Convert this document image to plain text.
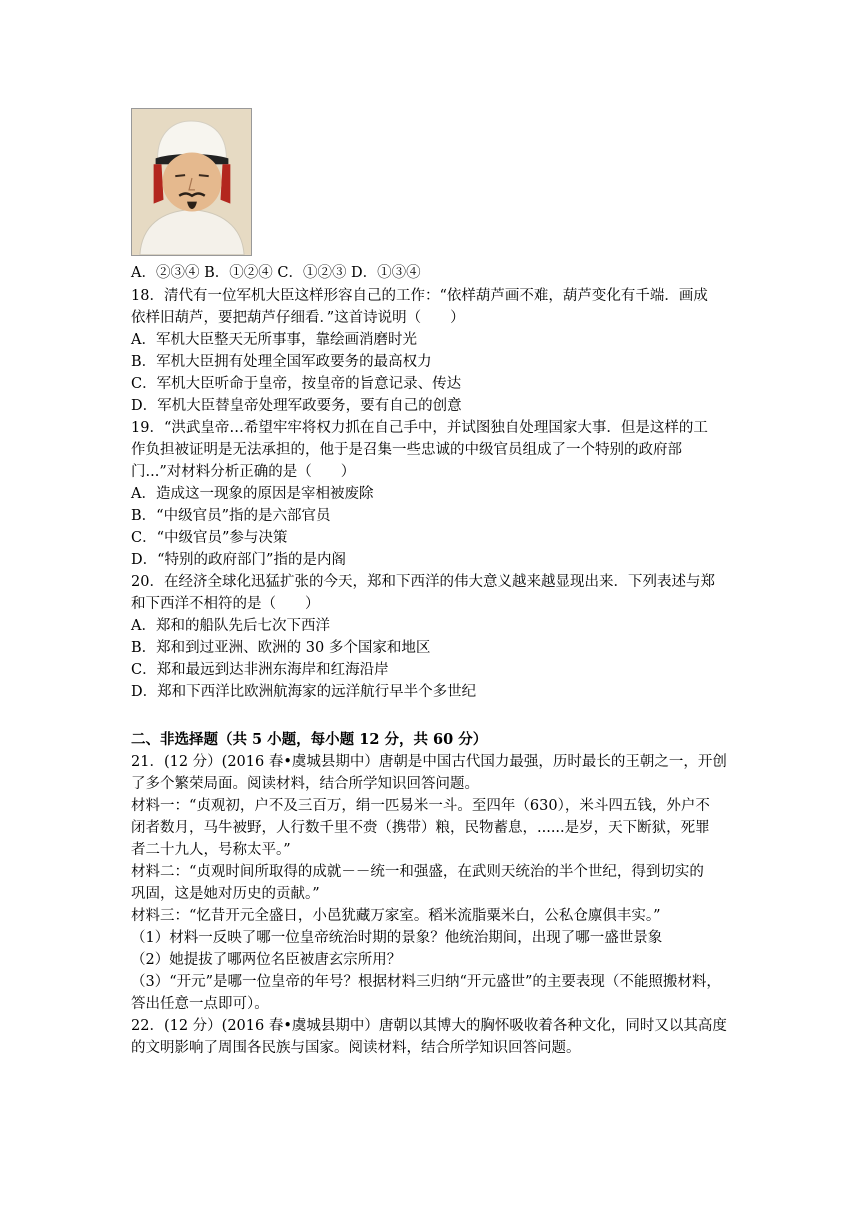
A．②③④ B．①②④ C．①②③ D．①③④
18．清代有一位军机大臣这样形容自己的工作：“依样葫芦画不难，葫芦变化有千端．画成
依样旧葫芦，要把葫芦仔细看．”这首诗说明（　　）
A．军机大臣整天无所事事，靠绘画消磨时光
B．军机大臣拥有处理全国军政要务的最高权力
C．军机大臣听命于皇帝，按皇帝的旨意记录、传达
D．军机大臣替皇帝处理军政要务，要有自己的创意
19．“洪武皇帝…希望牢牢将权力抓在自己手中，并试图独自处理国家大事．但是这样的工
作负担被证明是无法承担的，他于是召集一些忠诚的中级官员组成了一个特别的政府部
门...”对材料分析正确的是（　　）
A．造成这一现象的原因是宰相被废除
B．“中级官员”指的是六部官员
C．“中级官员”参与决策
D．“特别的政府部门”指的是内阁
20．在经济全球化迅猛扩张的今天，郑和下西洋的伟大意义越来越显现出来．下列表述与郑
和下西洋不相符的是（　　）
A．郑和的船队先后七次下西洋
B．郑和到过亚洲、欧洲的 30 多个国家和地区
C．郑和最远到达非洲东海岸和红海沿岸
D．郑和下西洋比欧洲航海家的远洋航行早半个多世纪
二、非选择题（共 5 小题，每小题 12 分，共 60 分）
21．(12 分）(2016 春•虞城县期中）唐朝是中国古代国力最强，历时最长的王朝之一，开创
了多个繁荣局面。阅读材料，结合所学知识回答问题。
材料一：“贞观初，户不及三百万，绢一匹易米一斗。至四年（630），米斗四五钱，外户不
闭者数月，马牛被野，人行数千里不赍（携带）粮，民物蓄息，......是岁，天下断狱，死罪
者二十九人，号称太平。”
材料二：“贞观时间所取得的成就－－统一和强盛，在武则天统治的半个世纪，得到切实的
巩固，这是她对历史的贡献。”
材料三：“忆昔开元全盛日，小邑犹藏万家室。稻米流脂粟米白，公私仓廪俱丰实。”
（1）材料一反映了哪一位皇帝统治时期的景象？他统治期间，出现了哪一盛世景象
（2）她提拔了哪两位名臣被唐玄宗所用？
（3）“开元”是哪一位皇帝的年号？根据材料三归纳“开元盛世”的主要表现（不能照搬材料，
答出任意一点即可）。
22．(12 分）(2016 春•虞城县期中）唐朝以其博大的胸怀吸收着各种文化，同时又以其高度
的文明影响了周围各民族与国家。阅读材料，结合所学知识回答问题。
